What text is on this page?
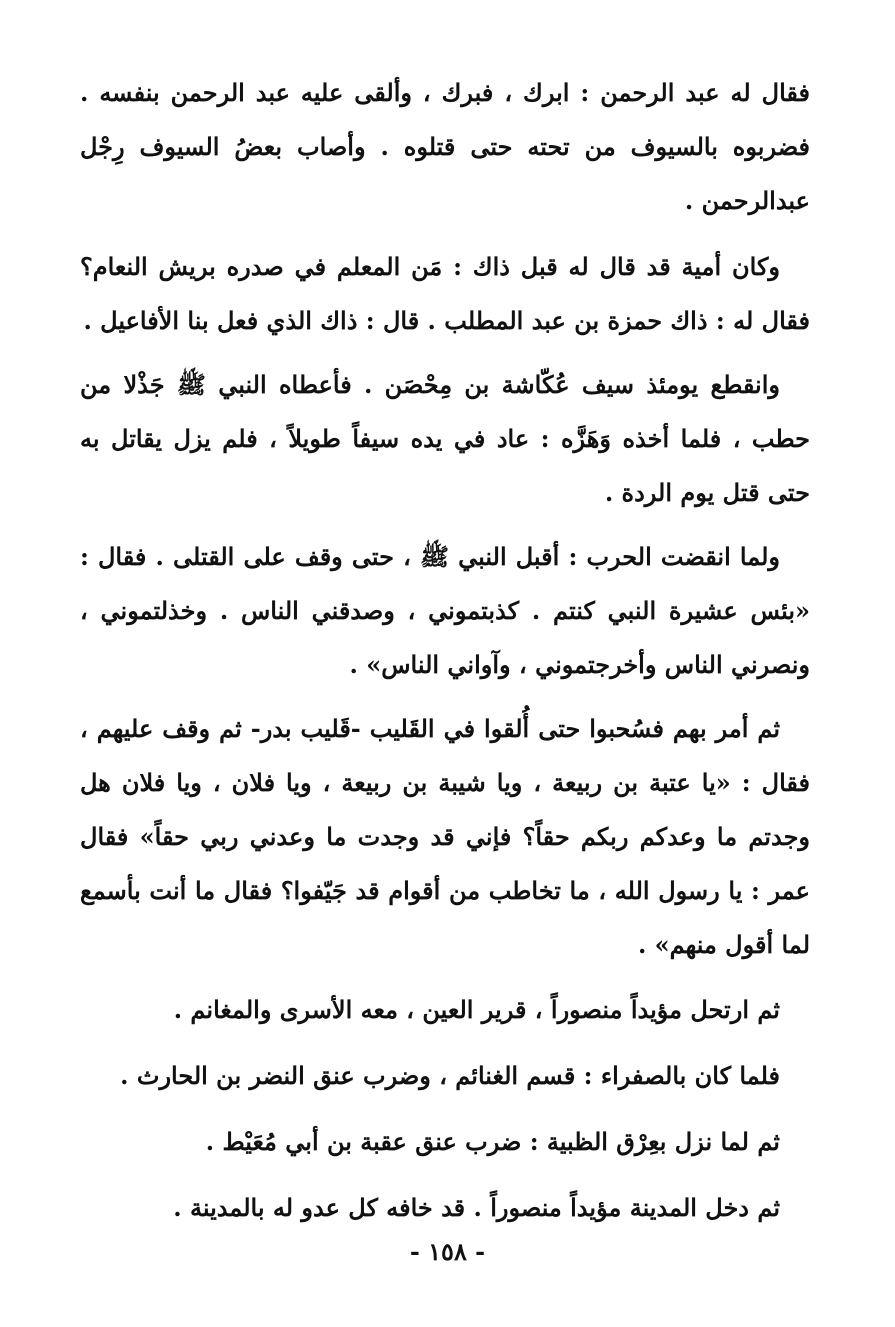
فقال له عبد الرحمن : ابرك ، فبرك ، وألقى عليه عبد الرحمن بنفسه . فضربوه بالسيوف من تحته حتى قتلوه . وأصاب بعضُ السيوف رِجْل عبدالرحمن .

وكان أمية قد قال له قبل ذاك : مَن المعلم في صدره بريش النعام؟ فقال له : ذاك حمزة بن عبد المطلب . قال : ذاك الذي فعل بنا الأفاعيل .

وانقطع يومئذ سيف عُكّاشة بن مِحْصَن . فأعطاه النبي ﷺ جَذْلا من حطب ، فلما أخذه وَهَزَّه : عاد في يده سيفاً طويلاً ، فلم يزل يقاتل به حتى قتل يوم الردة .

ولما انقضت الحرب : أقبل النبي ﷺ ، حتى وقف على القتلى . فقال : «بئس عشيرة النبي كنتم . كذبتموني ، وصدقني الناس . وخذلتموني ، ونصرني الناس وأخرجتموني ، وآواني الناس» .

ثم أمر بهم فسُحبوا حتى أُلقوا في القَليب -قَليب بدر- ثم وقف عليهم ، فقال : «يا عتبة بن ربيعة ، ويا شيبة بن ربيعة ، ويا فلان ، ويا فلان هل وجدتم ما وعدكم ربكم حقاً؟ فإني قد وجدت ما وعدني ربي حقاً» فقال عمر : يا رسول الله ، ما تخاطب من أقوام قد جَيّفوا؟ فقال ما أنت بأسمع لما أقول منهم» .

ثم ارتحل مؤيداً منصوراً ، قرير العين ، معه الأسرى والمغانم .

فلما كان بالصفراء : قسم الغنائم ، وضرب عنق النضر بن الحارث .

ثم لما نزل بعِرْق الظبية : ضرب عنق عقبة بن أبي مُعَيْط .

ثم دخل المدينة مؤيداً منصوراً . قد خافه كل عدو له بالمدينة .

- ١٥٨ -
